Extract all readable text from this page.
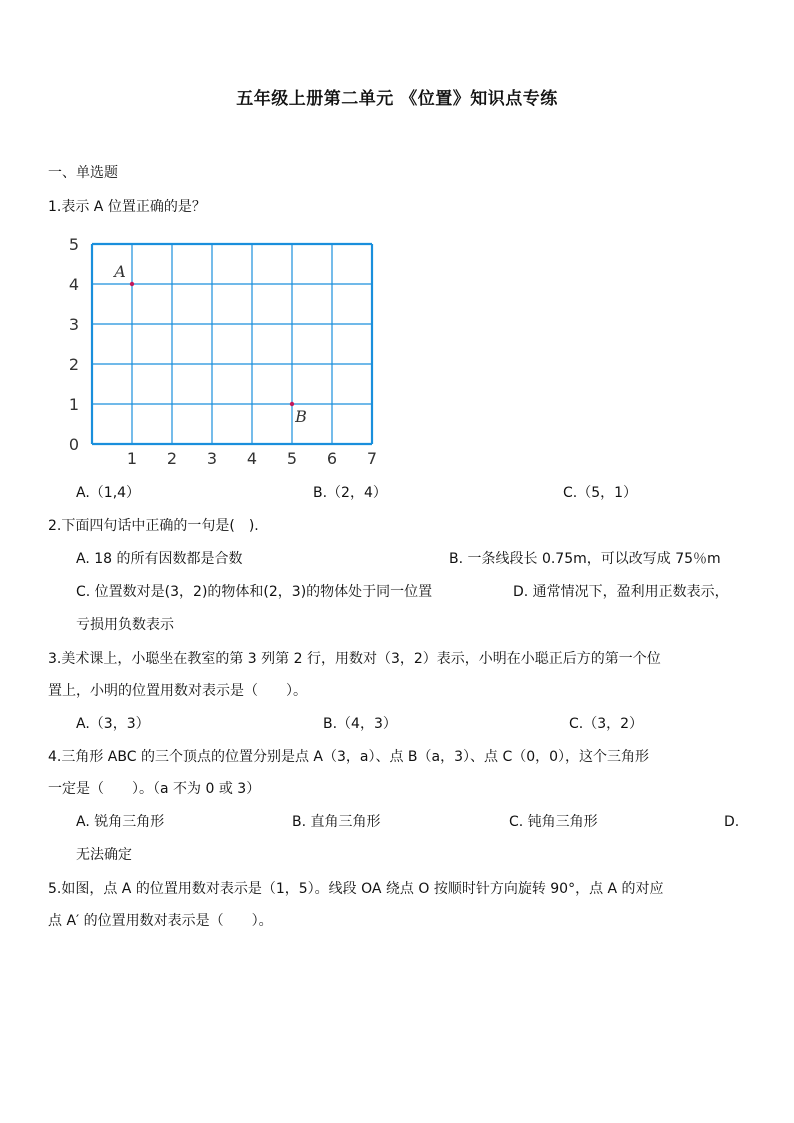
五年级上册第二单元 《位置》知识点专练
一、单选题
1.表示 A 位置正确的是？
1 2 3 4 5 6 7
0
1
2
3
4
5
A
B
A.（1,4）	B.（2，4）	C.（5，1）
2.下面四句话中正确的一句是(　).
A. 18 的所有因数都是合数	B. 一条线段长 0.75m，可以改写成 75％m
C. 位置数对是(3，2)的物体和(2，3)的物体处于同一位置	D. 通常情况下，盈利用正数表示，
亏损用负数表示
3.美术课上，小聪坐在教室的第 3 列第 2 行，用数对（3，2）表示，小明在小聪正后方的第一个位
置上，小明的位置用数对表示是（　　）。
A.（3，3）	B.（4，3）	C.（3，2）
4.三角形 ABC 的三个顶点的位置分别是点 A（3，a）、点 B（a，3）、点 C（0，0），这个三角形
一定是（　　）。（a 不为 0 或 3）
A. 锐角三角形	B. 直角三角形	C. 钝角三角形	D.
无法确定
5.如图，点 A 的位置用数对表示是（1，5）。线段 OA 绕点 O 按顺时针方向旋转 90°，点 A 的对应
点 A′ 的位置用数对表示是（　　）。
